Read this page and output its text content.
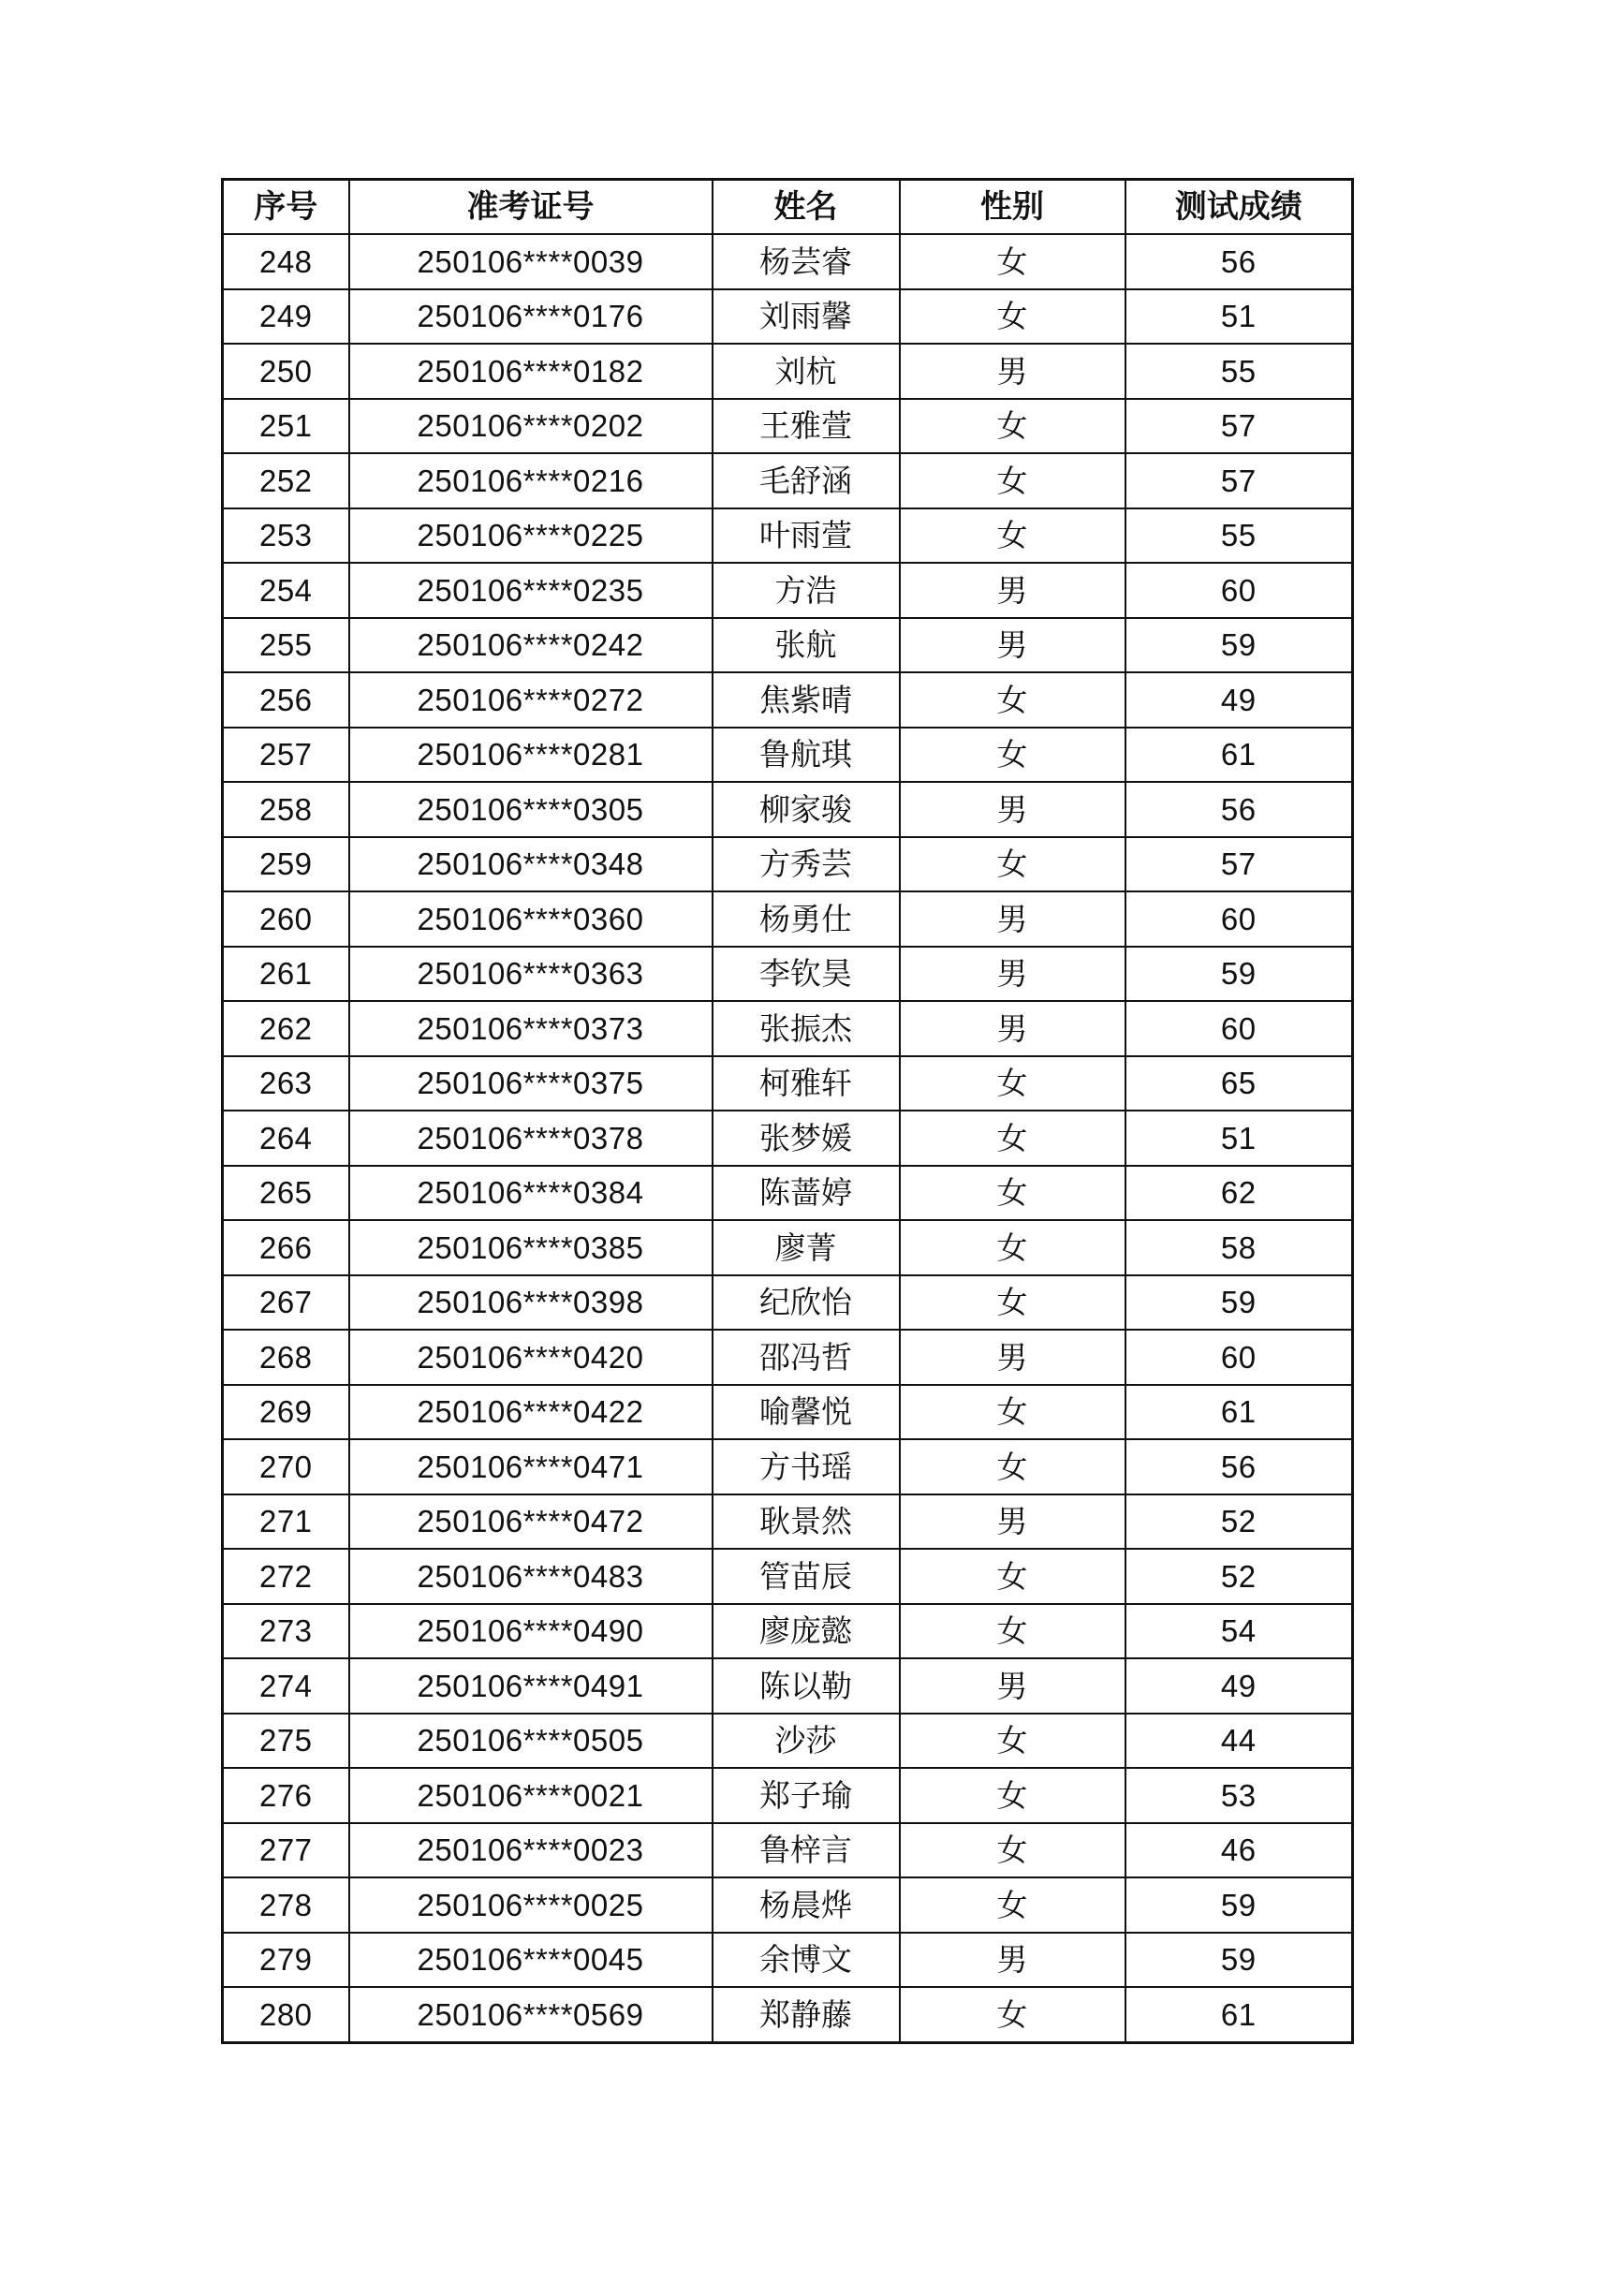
序号	准考证号	姓名	性别	测试成绩
248	250106****0039	杨芸睿	女	56
249	250106****0176	刘雨馨	女	51
250	250106****0182	刘杭	男	55
251	250106****0202	王雅萱	女	57
252	250106****0216	毛舒涵	女	57
253	250106****0225	叶雨萱	女	55
254	250106****0235	方浩	男	60
255	250106****0242	张航	男	59
256	250106****0272	焦紫晴	女	49
257	250106****0281	鲁航琪	女	61
258	250106****0305	柳家骏	男	56
259	250106****0348	方秀芸	女	57
260	250106****0360	杨勇仕	男	60
261	250106****0363	李钦昊	男	59
262	250106****0373	张振杰	男	60
263	250106****0375	柯雅轩	女	65
264	250106****0378	张梦媛	女	51
265	250106****0384	陈蔷婷	女	62
266	250106****0385	廖菁	女	58
267	250106****0398	纪欣怡	女	59
268	250106****0420	邵冯哲	男	60
269	250106****0422	喻馨悦	女	61
270	250106****0471	方书瑶	女	56
271	250106****0472	耿景然	男	52
272	250106****0483	管苗辰	女	52
273	250106****0490	廖庞懿	女	54
274	250106****0491	陈以勒	男	49
275	250106****0505	沙莎	女	44
276	250106****0021	郑子瑜	女	53
277	250106****0023	鲁梓言	女	46
278	250106****0025	杨晨烨	女	59
279	250106****0045	余博文	男	59
280	250106****0569	郑静藤	女	61
